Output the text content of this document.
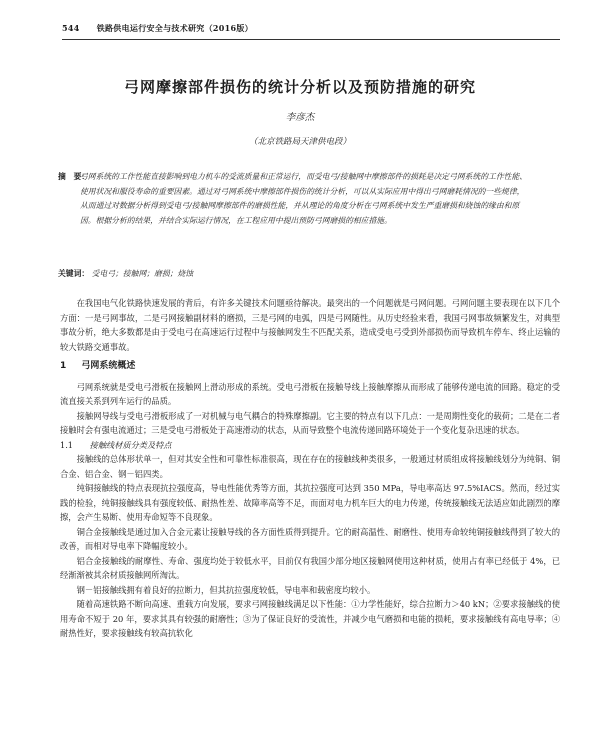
544 铁路供电运行安全与技术研究（2016版）
弓网摩擦部件损伤的统计分析以及预防措施的研究
李彦杰
（北京铁路局天津供电段）
摘　要：
弓网系统的工作性能直接影响到电力机车的受流质量和正常运行，而受电弓/接触网中摩擦部件的损耗是决定弓网系统的工作性能、使用状况和服役寿命的重要因素。通过对弓网系统中摩擦部件损伤的统计分析，可以从实际应用中得出弓网磨耗情况的一些规律，从而通过对数据分析得到受电弓/接触网摩擦部件的磨损性能，并从理论的角度分析在弓网系统中发生严重磨损和烧蚀的缘由和原因。根据分析的结果，并结合实际运行情况，在工程应用中提出预防弓网磨损的相应措施。
关键词： 受电弓；接触网；磨损；烧蚀

在我国电气化铁路快速发展的背后，有许多关键技术问题亟待解决。最突出的一个问题就是弓网问题。弓网问题主要表现在以下几个方面：一是弓网事故，二是弓网接触副材料的磨损，三是弓网的电弧，四是弓网随性。从历史经验来看，我国弓网事故频繁发生，对典型事故分析，绝大多数都是由于受电弓在高速运行过程中与接触网发生不匹配关系，造成受电弓受到外部损伤而导致机车停车、终止运输的较大铁路交通事故。

1 弓网系统概述

弓网系统就是受电弓滑板在接触网上滑动形成的系统。受电弓滑板在接触导线上接触摩擦从而形成了能够传递电流的回路。稳定的受流直接关系到列车运行的品质。

接触网导线与受电弓滑板形成了一对机械与电气耦合的特殊摩擦副。它主要的特点有以下几点：一是周期性变化的载荷；二是在二者接触时会有强电流通过；三是受电弓滑板处于高速滑动的状态，从而导致整个电流传递回路环境处于一个变化复杂迅速的状态。

1.1 接触线材质分类及特点

接触线的总体形状单一，但对其安全性和可靠性标准很高，现在存在的接触线种类很多，一般通过材质组成将接触线划分为纯铜、铜合金、铝合金、钢－铝四类。

纯铜接触线的特点表现抗拉强度高，导电性能优秀等方面，其抗拉强度可达到 350 MPa，导电率高达 97.5%IACS。然而，经过实践的检验，纯铜接触线具有强度较低、耐热性差、故障率高等不足，而面对电力机车巨大的电力传递，传统接触线无法适应如此剧烈的摩擦，会产生易断、使用寿命短等不良现象。

铜合金接触线是通过加入合金元素让接触导线的各方面性质得到提升。它的耐高温性、耐磨性、使用寿命较纯铜接触线得到了较大的改善，而相对导电率下降幅度较小。

铝合金接触线的耐摩性、寿命、强度均处于较低水平，目前仅有我国少部分地区接触网使用这种材质，使用占有率已经低于 4%，已经渐渐被其余材质接触网所淘汰。

钢－铝接触线拥有着良好的拉断力，但其抗拉强度较低，导电率和载密度均较小。

随着高速铁路不断向高速、重载方向发展，要求弓网接触线满足以下性能：①力学性能好，综合拉断力＞40 kN；②要求接触线的使用寿命不短于 20 年，要求其具有较强的耐磨性；③为了保证良好的受流性，并减少电气磨损和电能的损耗，要求接触线有高电导率；④耐热性好，要求接触线有较高抗软化
